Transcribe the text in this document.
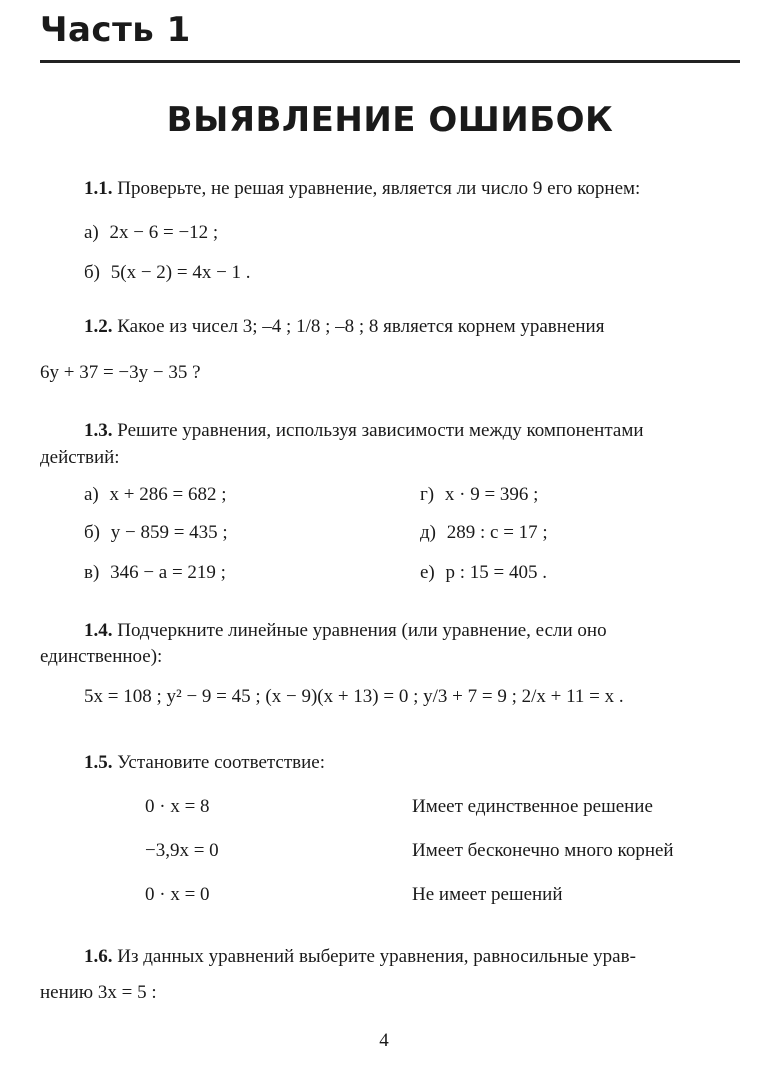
Часть 1
ВЫЯВЛЕНИЕ ОШИБОК
1.1. Проверьте, не решая уравнение, является ли число 9 его корнем:
а) 2x − 6 = −12 ;
б) 5(x − 2) = 4x − 1 .
1.2. Какое из чисел 3; –4 ; 1/8 ; –8 ; 8 является корнем уравнения
6y + 37 = −3y − 35 ?
1.3. Решите уравнения, используя зависимости между компонентами
действий:
а) x + 286 = 682 ;
б) y − 859 = 435 ;
в) 346 − a = 219 ;
г) x · 9 = 396 ;
д) 289 : c = 17 ;
е) p : 15 = 405 .
1.4. Подчеркните линейные уравнения (или уравнение, если оно
единственное):
5x = 108 ; y² − 9 = 45 ; (x − 9)(x + 13) = 0 ; y/3 + 7 = 9 ; 2/x + 11 = x .
1.5. Установите соответствие:
0 · x = 8
−3,9x = 0
0 · x = 0
Имеет единственное решение
Имеет бесконечно много корней
Не имеет решений
1.6. Из данных уравнений выберите уравнения, равносильные урав-
нению 3x = 5 :
4
